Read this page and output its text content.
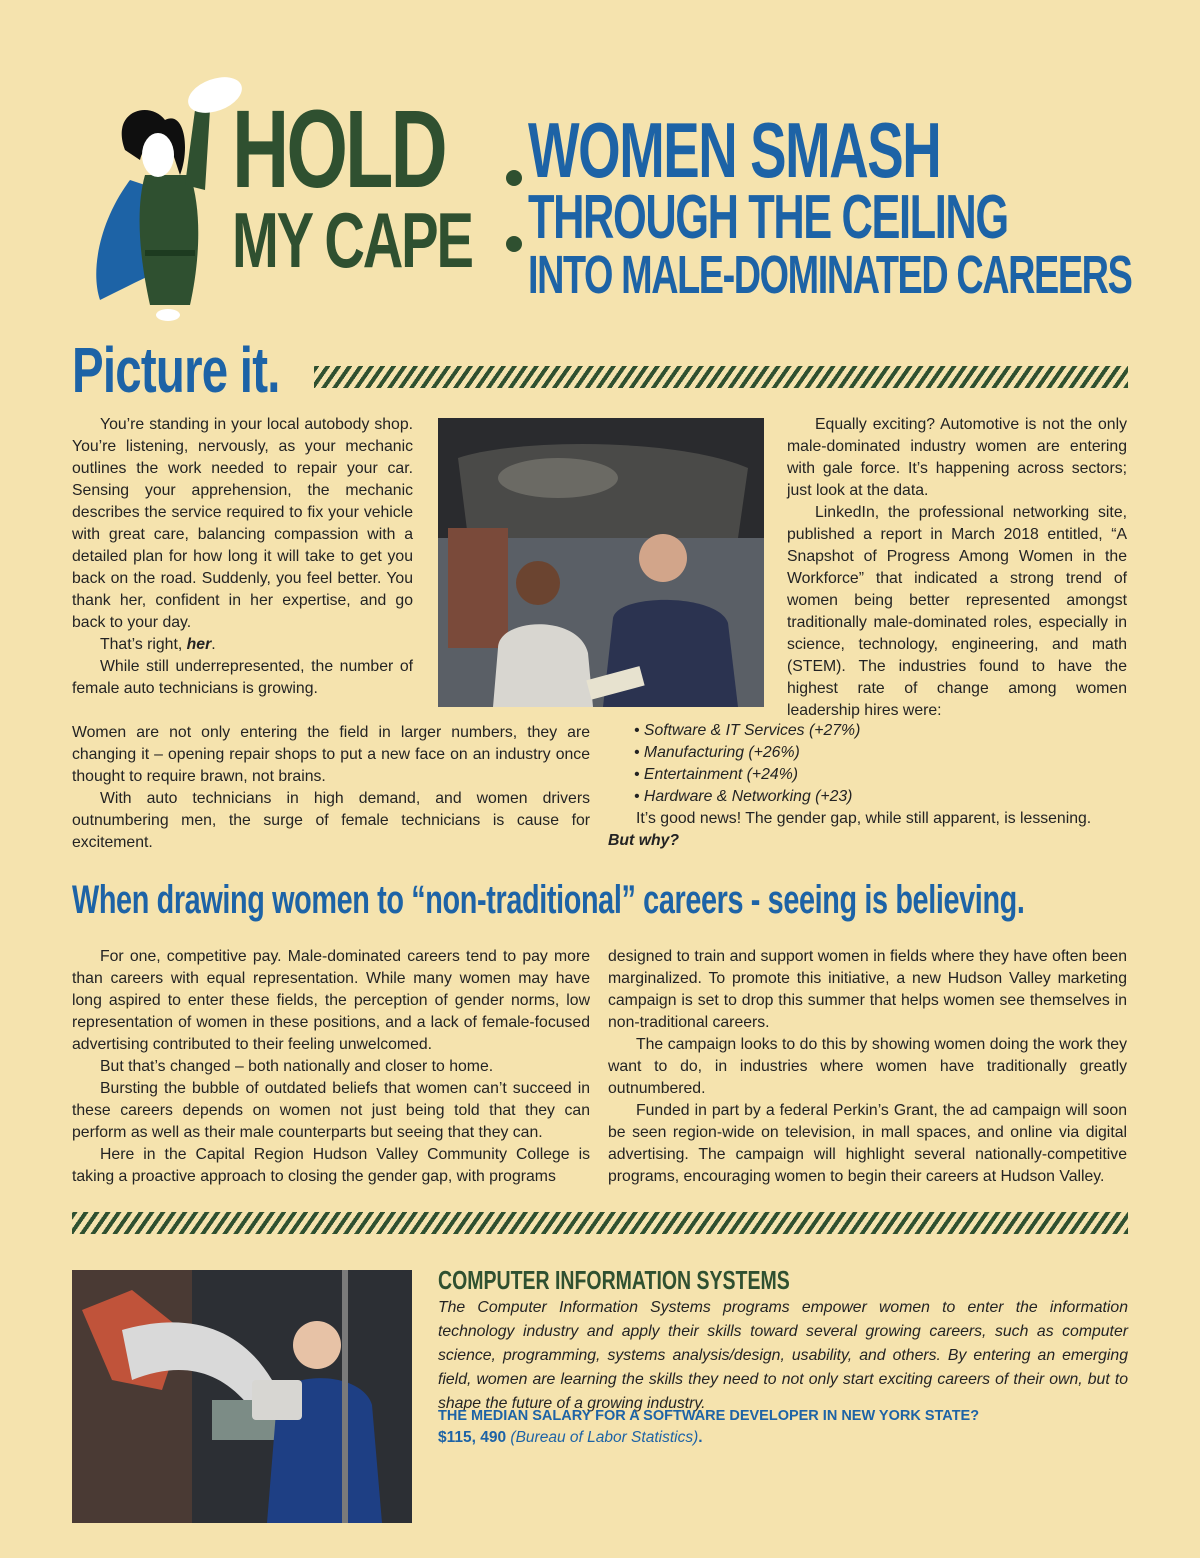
HOLD
MY CAPE
WOMEN SMASH
THROUGH THE CEILING
INTO MALE-DOMINATED CAREERS
Picture it.

You’re standing in your local autobody shop. You’re listening, nervously, as your mechanic outlines the work needed to repair your car. Sensing your apprehension, the mechanic describes the service required to fix your vehicle with great care, balancing compassion with a detailed plan for how long it will take to get you back on the road. Suddenly, you feel better. You thank her, confident in her expertise, and go back to your day.

That’s right, her.

While still underrepresented, the number of female auto technicians is growing.

Women are not only entering the field in larger numbers, they are changing it – opening repair shops to put a new face on an industry once thought to require brawn, not brains.

With auto technicians in high demand, and women drivers outnumbering men, the surge of female technicians is cause for excitement.

Equally exciting? Automotive is not the only male-dominated industry women are entering with gale force. It’s happening across sectors; just look at the data.

LinkedIn, the professional networking site, published a report in March 2018 entitled, “A Snapshot of Progress Among Women in the Workforce” that indicated a strong trend of women being better represented amongst traditionally male-dominated roles, especially in science, technology, engineering, and math (STEM). The industries found to have the highest rate of change among women leadership hires were:

• Software & IT Services (+27%)
• Manufacturing (+26%)
• Entertainment (+24%)
• Hardware & Networking (+23)

It’s good news! The gender gap, while still apparent, is lessening.

But why?

When drawing women to “non-traditional” careers - seeing is believing.

For one, competitive pay. Male-dominated careers tend to pay more than careers with equal representation. While many women may have long aspired to enter these fields, the perception of gender norms, low representation of women in these positions, and a lack of female-focused advertising contributed to their feeling unwelcomed.

But that’s changed – both nationally and closer to home.

Bursting the bubble of outdated beliefs that women can’t succeed in these careers depends on women not just being told that they can perform as well as their male counterparts but seeing that they can.

Here in the Capital Region Hudson Valley Community College is taking a proactive approach to closing the gender gap, with programs

designed to train and support women in fields where they have often been marginalized. To promote this initiative, a new Hudson Valley marketing campaign is set to drop this summer that helps women see themselves in non-traditional careers.

The campaign looks to do this by showing women doing the work they want to do, in industries where women have traditionally greatly outnumbered.

Funded in part by a federal Perkin’s Grant, the ad campaign will soon be seen region-wide on television, in mall spaces, and online via digital advertising. The campaign will highlight several nationally-competitive programs, encouraging women to begin their careers at Hudson Valley.

COMPUTER INFORMATION SYSTEMS
The Computer Information Systems programs empower women to enter the information technology industry and apply their skills toward several growing careers, such as computer science, programming, systems analysis/design, usability, and others. By entering an emerging field, women are learning the skills they need to not only start exciting careers of their own, but to shape the future of a growing industry.
THE MEDIAN SALARY FOR A SOFTWARE DEVELOPER IN NEW YORK STATE?
$115, 490 (Bureau of Labor Statistics).
